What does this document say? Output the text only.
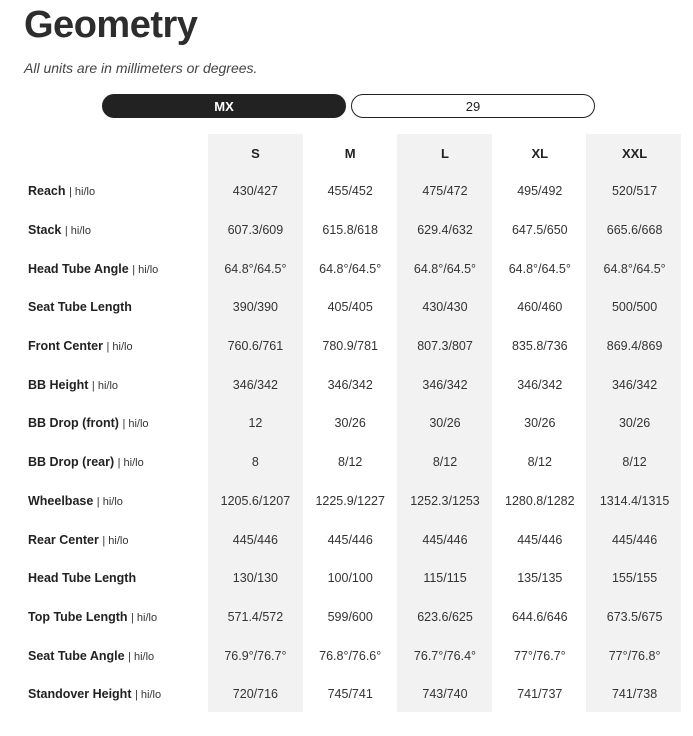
Geometry
All units are in millimeters or degrees.
MX	29
S	M	L	XL	XXL
Reach | hi/lo	430/427	455/452	475/472	495/492	520/517
Stack | hi/lo	607.3/609	615.8/618	629.4/632	647.5/650	665.6/668
Head Tube Angle | hi/lo	64.8°/64.5°	64.8°/64.5°	64.8°/64.5°	64.8°/64.5°	64.8°/64.5°
Seat Tube Length	390/390	405/405	430/430	460/460	500/500
Front Center | hi/lo	760.6/761	780.9/781	807.3/807	835.8/736	869.4/869
BB Height | hi/lo	346/342	346/342	346/342	346/342	346/342
BB Drop (front) | hi/lo	12	30/26	30/26	30/26	30/26
BB Drop (rear) | hi/lo	8	8/12	8/12	8/12	8/12
Wheelbase | hi/lo	1205.6/1207	1225.9/1227	1252.3/1253	1280.8/1282	1314.4/1315
Rear Center | hi/lo	445/446	445/446	445/446	445/446	445/446
Head Tube Length	130/130	100/100	115/115	135/135	155/155
Top Tube Length | hi/lo	571.4/572	599/600	623.6/625	644.6/646	673.5/675
Seat Tube Angle | hi/lo	76.9°/76.7°	76.8°/76.6°	76.7°/76.4°	77°/76.7°	77°/76.8°
Standover Height | hi/lo	720/716	745/741	743/740	741/737	741/738
